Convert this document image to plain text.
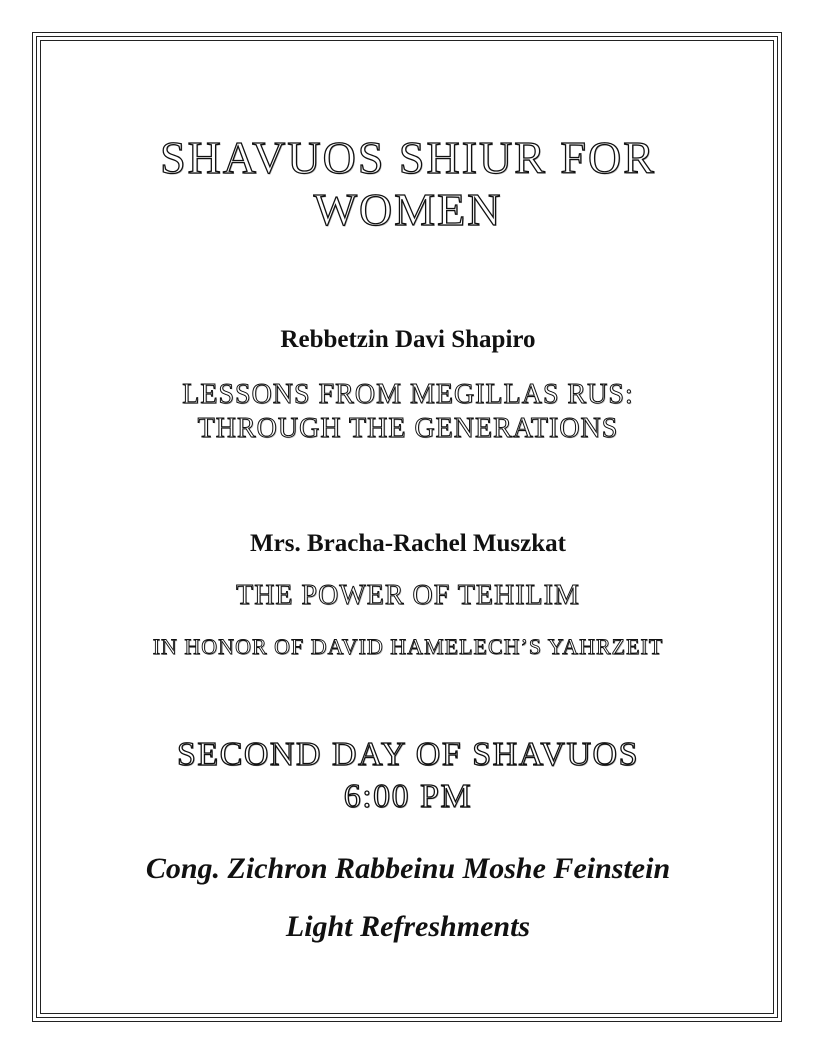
SHAVUOS SHIUR FOR
WOMEN

Rebbetzin Davi Shapiro

LESSONS FROM MEGILLAS RUS:
THROUGH THE GENERATIONS

Mrs. Bracha-Rachel Muszkat

THE POWER OF TEHILIM
IN HONOR OF DAVID HAMELECH’S YAHRZEIT
SECOND DAY OF SHAVUOS
6:00 PM

Cong. Zichron Rabbeinu Moshe Feinstein

Light Refreshments
